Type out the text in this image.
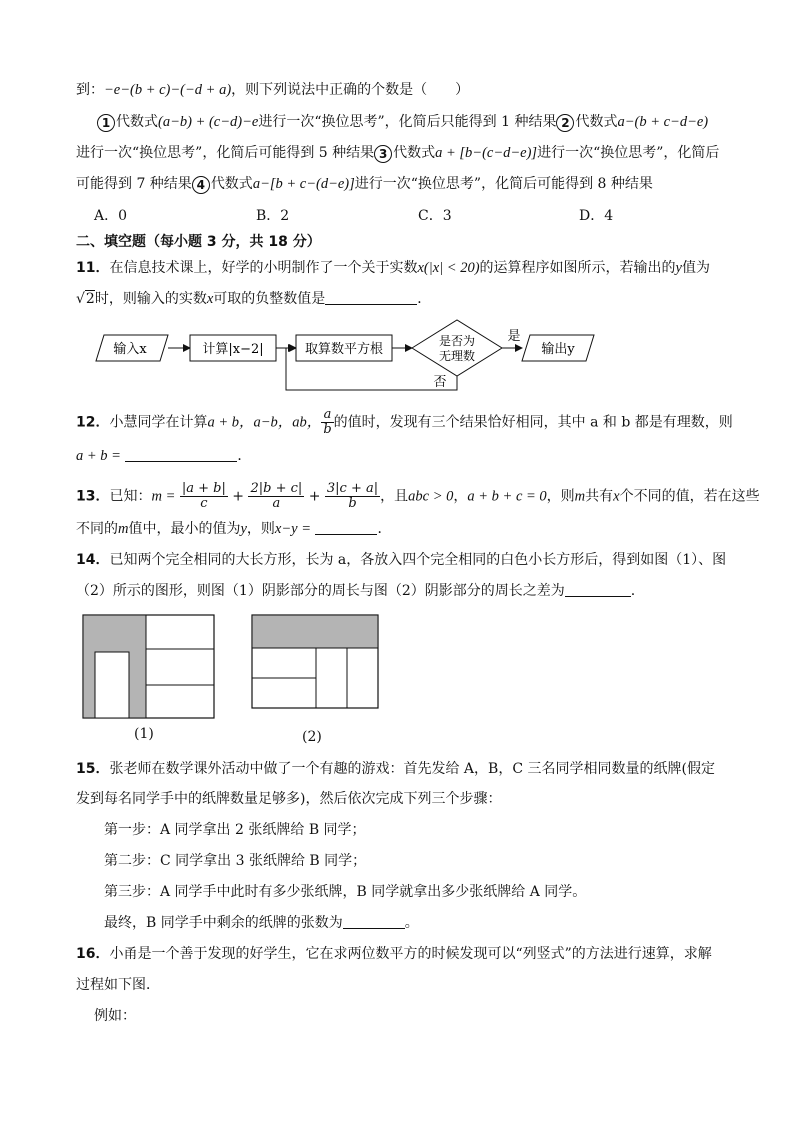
到：−e−(b + c)−(−d + a)，则下列说法中正确的个数是（　　）
1 代数式(a−b) + (c−d)−e进行一次“换位思考”，化简后只能得到 1 种结果 2 代数式a−(b + c−d−e)
进行一次“换位思考”，化简后可能得到 5 种结果 3 代数式a + [b−(c−d−e)]进行一次“换位思考”，化简后
可能得到 7 种结果 4 代数式a−[b + c−(d−e)]进行一次“换位思考”，化简后可能得到 8 种结果
A．0	B．2	C．3	D．4
二、填空题（每小题 3 分，共 18 分）
11．在信息技术课上，好学的小明制作了一个关于实数x(|x| < 20)的运算程序如图所示，若输出的y值为
√2时，则输入的实数x可取的负整数值是	．
输入x	计算|x−2|	取算数平方根
是否为
无理数
是
输出y
否
12．小慧同学在计算a + b，a−b，ab， $\frac{a}{b}$ 的值时，发现有三个结果恰好相同，其中 a 和 b 都是有理数，则
a + b =	．
13．已知：$m = \frac{|a + b|}{c} + \frac{2|b + c|}{a} + \frac{3|c + a|}{b}$ ，且abc > 0，a + b + c = 0，则m共有x个不同的值，若在这些
不同的m值中，最小的值为y，则x−y =	．
14．已知两个完全相同的大长方形，长为 a，各放入四个完全相同的白色小长方形后，得到如图（1）、图
（2）所示的图形，则图（1）阴影部分的周长与图（2）阴影部分的周长之差为	.
(1)	(2)
15．张老师在数学课外活动中做了一个有趣的游戏：首先发给 A，B，C 三名同学相同数量的纸牌(假定
发到每名同学手中的纸牌数量足够多)，然后依次完成下列三个步骤：
第一步：A 同学拿出 2 张纸牌给 B 同学；
第二步：C 同学拿出 3 张纸牌给 B 同学；
第三步：A 同学手中此时有多少张纸牌，B 同学就拿出多少张纸牌给 A 同学。
最终，B 同学手中剩余的纸牌的张数为	。
16．小甬是一个善于发现的好学生，它在求两位数平方的时候发现可以“列竖式”的方法进行速算，求解
过程如下图．
例如：
